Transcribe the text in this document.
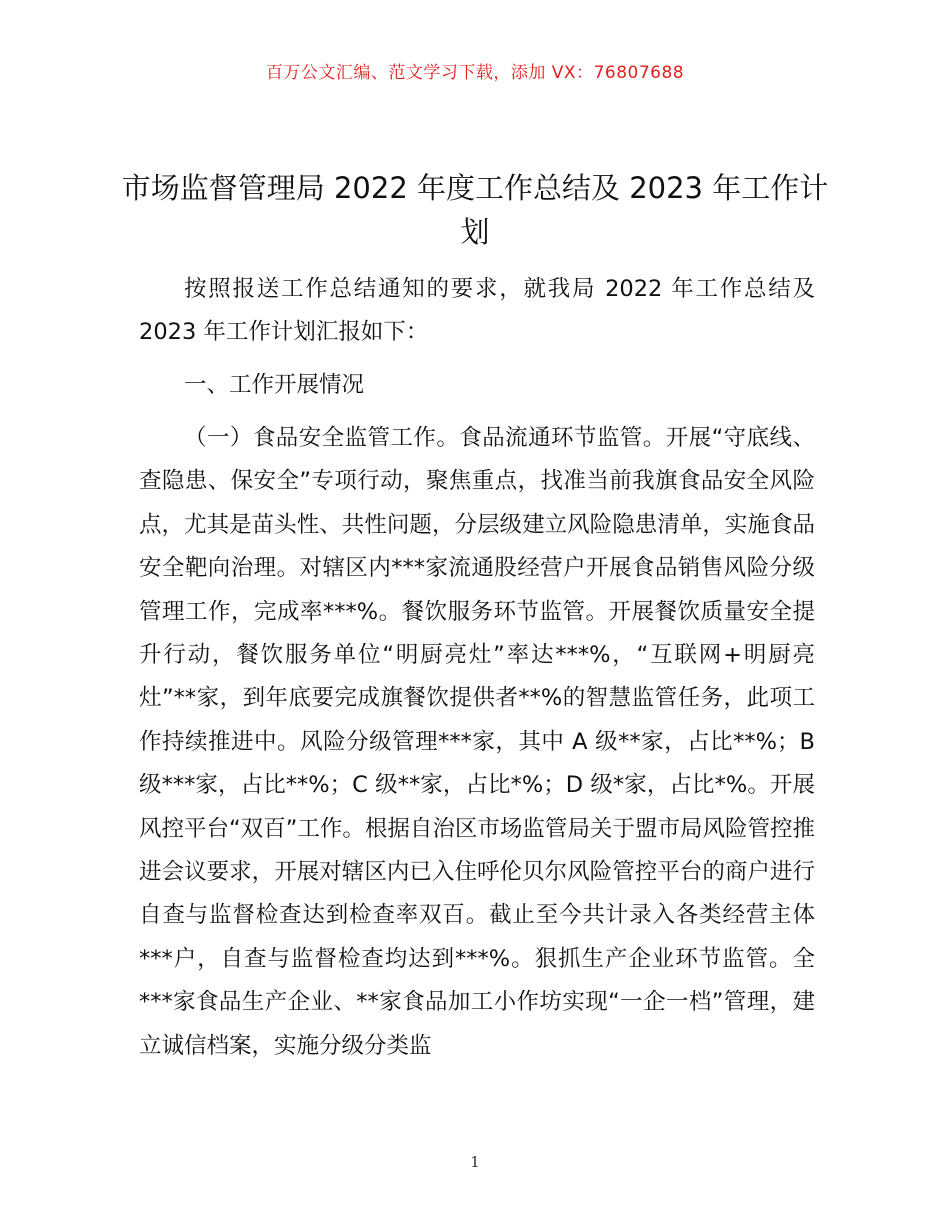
百万公文汇编、范文学习下载，添加 VX：76807688
市场监督管理局 2022 年度工作总结及 2023 年工作计划

按照报送工作总结通知的要求，就我局 2022 年工作总结及 2023 年工作计划汇报如下：

一、工作开展情况

（一）食品安全监管工作。食品流通环节监管。开展“守底线、查隐患、保安全”专项行动，聚焦重点，找准当前我旗食品安全风险点，尤其是苗头性、共性问题，分层级建立风险隐患清单，实施食品安全靶向治理。对辖区内***家流通股经营户开展食品销售风险分级管理工作，完成率***%。餐饮服务环节监管。开展餐饮质量安全提升行动，餐饮服务单位“明厨亮灶”率达***%，“互联网+明厨亮灶”**家，到年底要完成旗餐饮提供者**%的智慧监管任务，此项工作持续推进中。风险分级管理***家，其中 A 级**家，占比**%；B 级***家，占比**%；C 级**家，占比*%；D 级*家，占比*%。开展风控平台“双百”工作。根据自治区市场监管局关于盟市局风险管控推进会议要求，开展对辖区内已入住呼伦贝尔风险管控平台的商户进行自查与监督检查达到检查率双百。截止至今共计录入各类经营主体***户，自查与监督检查均达到***%。狠抓生产企业环节监管。全***家食品生产企业、**家食品加工小作坊实现“一企一档”管理，建立诚信档案，实施分级分类监

1
